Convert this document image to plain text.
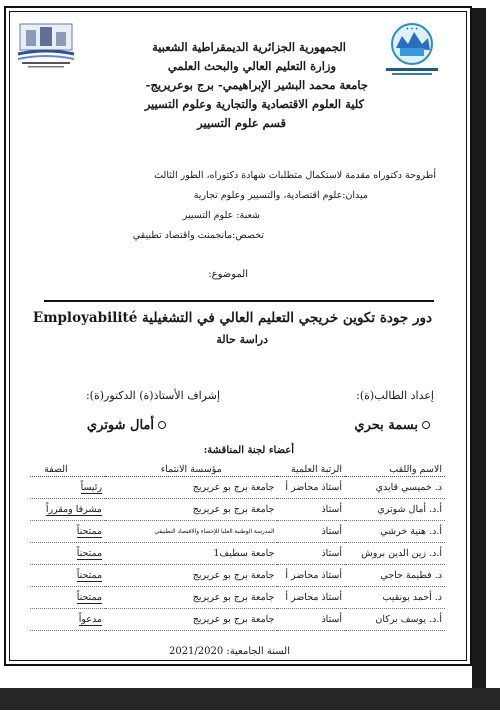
✦ ✦ ✦
الجمهورية الجزائرية الديمقراطية الشعبية
وزارة التعليم العالي والبحث العلمي
جامعة محمد البشير الإبراهيمي- برج بوعريريج-
كلية العلوم الاقتصادية والتجارية وعلوم التسيير
قسم علوم التسيير
أطروحة دكتوراه مقدمة لاستكمال متطلبات شهادة دكتوراه، الطور الثالث
ميدان:علوم اقتصادية، والتسيير وعلوم تجارية
شعبة: علوم التسيير
تخصص:مانجمنت واقتصاد تطبيقي
الموضوع:
دور جودة تكوين خريجي التعليم العالي في التشغيلية Employabilité
دراسة حالة
إعداد الطالب(ة):
إشراف الأستاذ(ة) الدكتور(ة):
بسمة بحري
أمال شوتري
أعضاء لجنة المناقشة:
الاسم واللقب	الرتبة العلمية	مؤسسة الانتماء	الصفة
د. خميسي قايدي	أستاذ محاضر أ	جامعة برج بو عريريج	رئيساً
أ.د. أمال شوتري	أستاذ	جامعة برج بو عريريج	مشرفا ومقرراً
أ.د. هنية خرشي	أستاذ	المدرسة الوطنية العليا للإحصاء والاقتصاد التطبيقي	ممتحناً
أ.د. زين الدين بروش	أستاذ	جامعة سطيف1	ممتحناً
د. فطيمة حاجي	أستاذ محاضر أ	جامعة برج بو عريريج	ممتحناً
د. أحمد بونقيب	أستاذ محاضر أ	جامعة برج بو عريريج	ممتحناً
أ.د. يوسف بركان	أستاذ	جامعة برج بو عريريج	مدعواً
السنة الجامعية: 2021/2020
